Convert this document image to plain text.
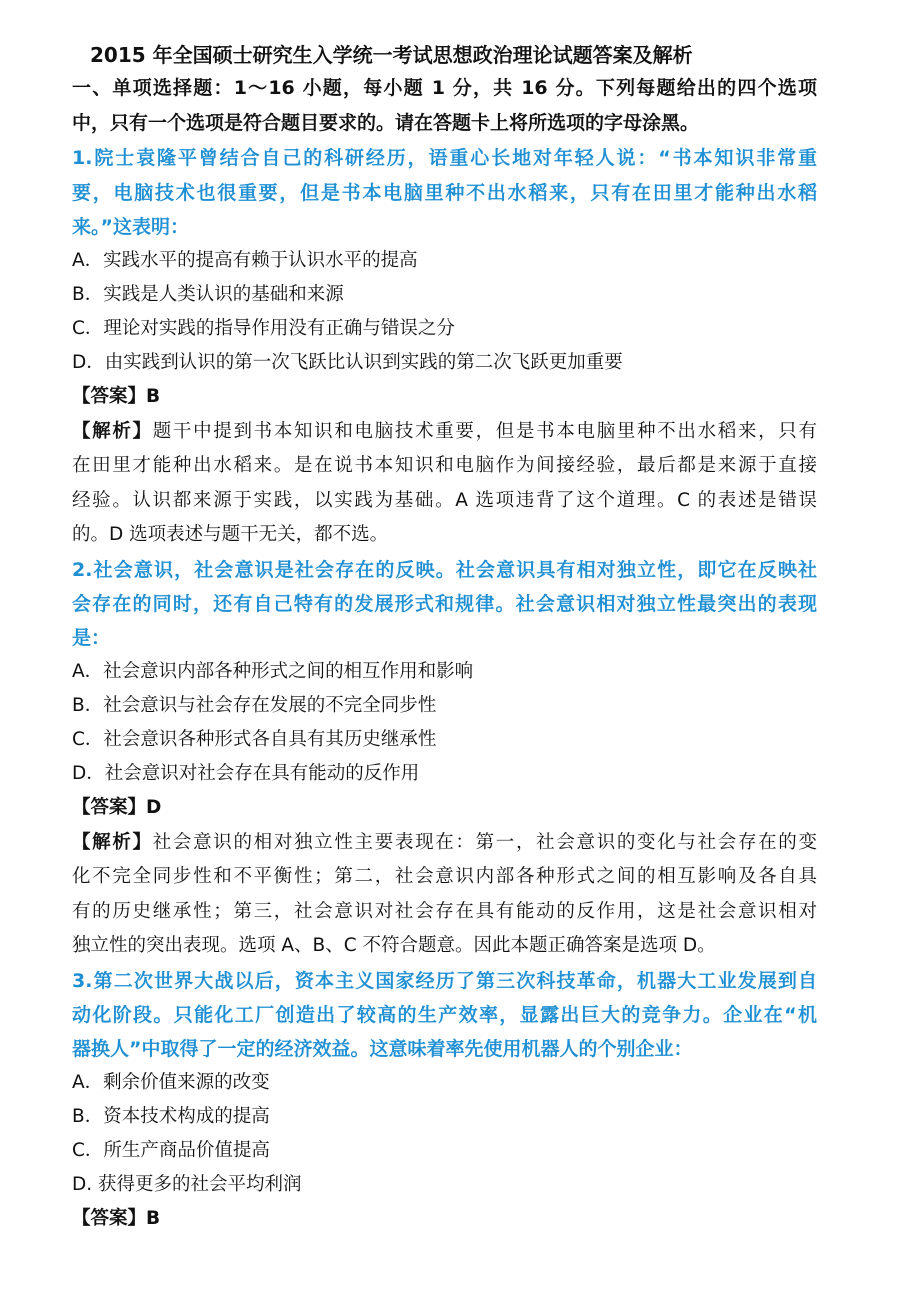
2015 年全国硕士研究生入学统一考试思想政治理论试题答案及解析
一、单项选择题：1～16 小题，每小题 1 分，共 16 分。下列每题给出的四个选项
中，只有一个选项是符合题目要求的。请在答题卡上将所选项的字母涂黑。
1.院士袁隆平曾结合自己的科研经历，语重心长地对年轻人说：“书本知识非常重
要，电脑技术也很重要，但是书本电脑里种不出水稻来，只有在田里才能种出水稻
来。”这表明：
A．实践水平的提高有赖于认识水平的提高
B．实践是人类认识的基础和来源
C．理论对实践的指导作用没有正确与错误之分
D．由实践到认识的第一次飞跃比认识到实践的第二次飞跃更加重要
【答案】B
【解析】题干中提到书本知识和电脑技术重要，但是书本电脑里种不出水稻来，只有
在田里才能种出水稻来。是在说书本知识和电脑作为间接经验，最后都是来源于直接
经验。认识都来源于实践，以实践为基础。A 选项违背了这个道理。C 的表述是错误
的。D 选项表述与题干无关，都不选。
2.社会意识，社会意识是社会存在的反映。社会意识具有相对独立性，即它在反映社
会存在的同时，还有自己特有的发展形式和规律。社会意识相对独立性最突出的表现
是：
A．社会意识内部各种形式之间的相互作用和影响
B．社会意识与社会存在发展的不完全同步性
C．社会意识各种形式各自具有其历史继承性
D．社会意识对社会存在具有能动的反作用
【答案】D
【解析】社会意识的相对独立性主要表现在：第一，社会意识的变化与社会存在的变
化不完全同步性和不平衡性；第二，社会意识内部各种形式之间的相互影响及各自具
有的历史继承性；第三，社会意识对社会存在具有能动的反作用，这是社会意识相对
独立性的突出表现。选项 A、B、C 不符合题意。因此本题正确答案是选项 D。
3.第二次世界大战以后，资本主义国家经历了第三次科技革命，机器大工业发展到自
动化阶段。只能化工厂创造出了较高的生产效率，显露出巨大的竞争力。企业在“机
器换人”中取得了一定的经济效益。这意味着率先使用机器人的个别企业：
A．剩余价值来源的改变
B．资本技术构成的提高
C．所生产商品价值提高
D. 获得更多的社会平均利润
【答案】B
